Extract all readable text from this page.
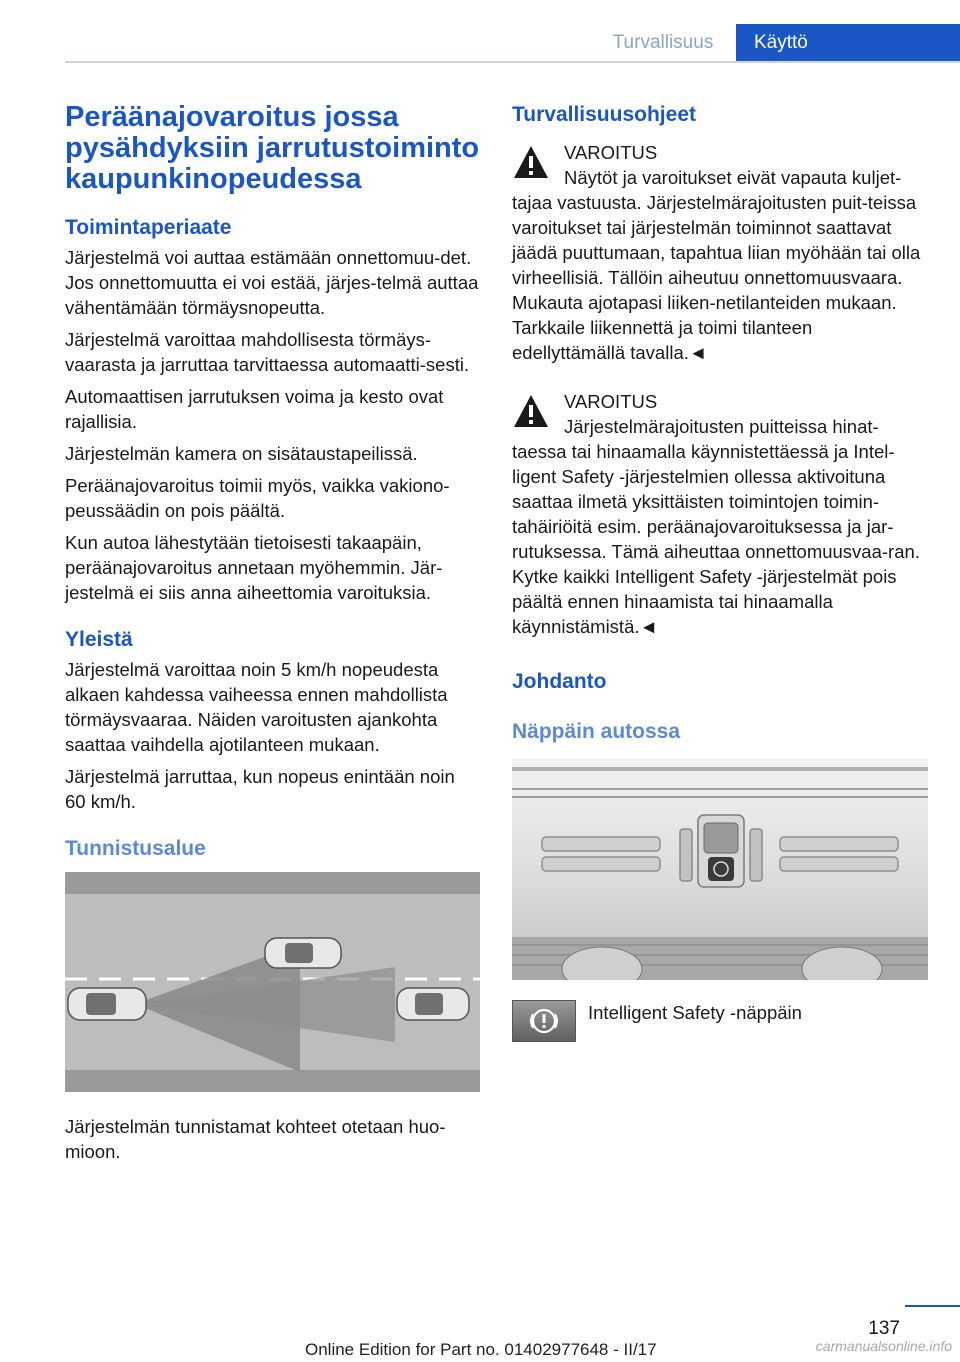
Turvallisuus	Käyttö
Peräänajovaroitus jossa pysähdyksiin jarrutustoiminto kaupunkinopeudessa
Toimintaperiaate

Järjestelmä voi auttaa estämään onnettomuu-det. Jos onnettomuutta ei voi estää, järjes-telmä auttaa vähentämään törmäysnopeutta.

Järjestelmä varoittaa mahdollisesta törmäys-vaarasta ja jarruttaa tarvittaessa automaatti-sesti.

Automaattisen jarrutuksen voima ja kesto ovat rajallisia.

Järjestelmän kamera on sisätaustapeilissä.

Peräänajovaroitus toimii myös, vaikka vakiono-peussäädin on pois päältä.

Kun autoa lähestytään tietoisesti takaapäin, peräänajovaroitus annetaan myöhemmin. Jär-jestelmä ei siis anna aiheettomia varoituksia.

Yleistä

Järjestelmä varoittaa noin 5 km/h nopeudesta alkaen kahdessa vaiheessa ennen mahdollista törmäysvaaraa. Näiden varoitusten ajankohta saattaa vaihdella ajotilanteen mukaan.

Järjestelmä jarruttaa, kun nopeus enintään noin 60 km/h.

Tunnistusalue

Järjestelmän tunnistamat kohteet otetaan huo-mioon.

Turvallisuusohjeet

VAROITUS

Näytöt ja varoitukset eivät vapauta kuljet-tajaa vastuusta. Järjestelmärajoitusten puit-teissa varoitukset tai järjestelmän toiminnot saattavat jäädä puuttumaan, tapahtua liian myöhään tai olla virheellisiä. Tällöin aiheutuu onnettomuusvaara. Mukauta ajotapasi liiken-netilanteiden mukaan. Tarkkaile liikennettä ja toimi tilanteen edellyttämällä tavalla.◄

VAROITUS

Järjestelmärajoitusten puitteissa hinat-taessa tai hinaamalla käynnistettäessä ja Intel-ligent Safety -järjestelmien ollessa aktivoituna saattaa ilmetä yksittäisten toimintojen toimin-tahäiriöitä esim. peräänajovaroituksessa ja jar-rutuksessa. Tämä aiheuttaa onnettomuusvaa-ran. Kytke kaikki Intelligent Safety -järjestelmät pois päältä ennen hinaamista tai hinaamalla käynnistämistä.◄

Johdanto
Näppäin autossa
Intelligent Safety -näppäin
137
Online Edition for Part no. 01402977648 - II/17	carmanualsonline.info
